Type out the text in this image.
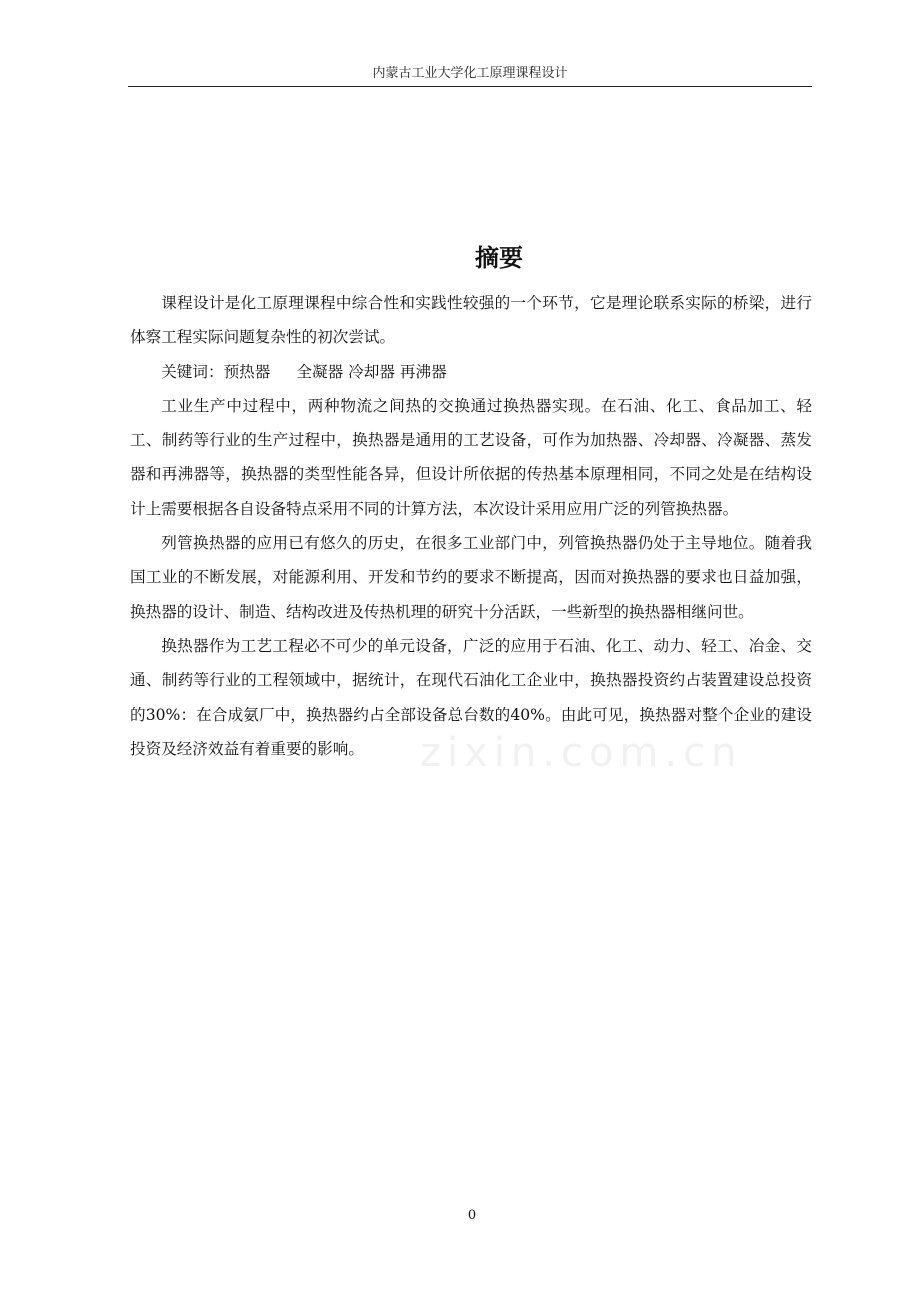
内蒙古工业大学化工原理课程设计
摘要

课程设计是化工原理课程中综合性和实践性较强的一个环节，它是理论联系实际的桥梁，进行体察工程实际问题复杂性的初次尝试。

关键词：预热器 全凝器 冷却器 再沸器

工业生产中过程中，两种物流之间热的交换通过换热器实现。在石油、化工、食品加工、轻工、制药等行业的生产过程中，换热器是通用的工艺设备，可作为加热器、冷却器、冷凝器、蒸发器和再沸器等，换热器的类型性能各异，但设计所依据的传热基本原理相同，不同之处是在结构设计上需要根据各自设备特点采用不同的计算方法，本次设计采用应用广泛的列管换热器。

列管换热器的应用已有悠久的历史，在很多工业部门中，列管换热器仍处于主导地位。随着我国工业的不断发展，对能源利用、开发和节约的要求不断提高，因而对换热器的要求也日益加强，换热器的设计、制造、结构改进及传热机理的研究十分活跃，一些新型的换热器相继问世。

换热器作为工艺工程必不可少的单元设备，广泛的应用于石油、化工、动力、轻工、冶金、交通、制药等行业的工程领域中，据统计，在现代石油化工企业中，换热器投资约占装置建设总投资的30%：在合成氨厂中，换热器约占全部设备总台数的40%。由此可见，换热器对整个企业的建设投资及经济效益有着重要的影响。	zixin.com.cn
0
